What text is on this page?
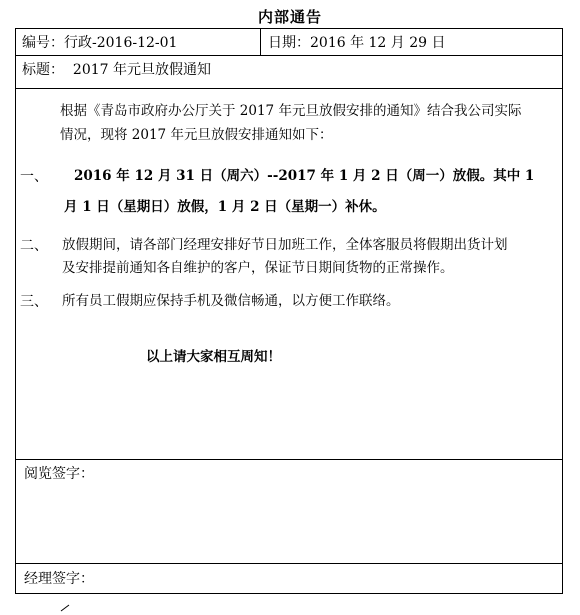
内部通告
编号：行政-2016-12-01	日期：2016 年 12 月 29 日
标题： 2017 年元旦放假通知
根据《青岛市政府办公厅关于 2017 年元旦放假安排的通知》结合我公司实际
情况，现将 2017 年元旦放假安排通知如下：
一、 2016 年 12 月 31 日（周六）--2017 年 1 月 2 日（周一）放假。其中 1
月 1 日（星期日）放假，1 月 2 日（星期一）补休。
二、 放假期间，请各部门经理安排好节日加班工作，全体客服员将假期出货计划
及安排提前通知各自维护的客户，保证节日期间货物的正常操作。
三、 所有员工假期应保持手机及微信畅通，以方便工作联络。
以上请大家相互周知！
阅览签字：
经理签字：
